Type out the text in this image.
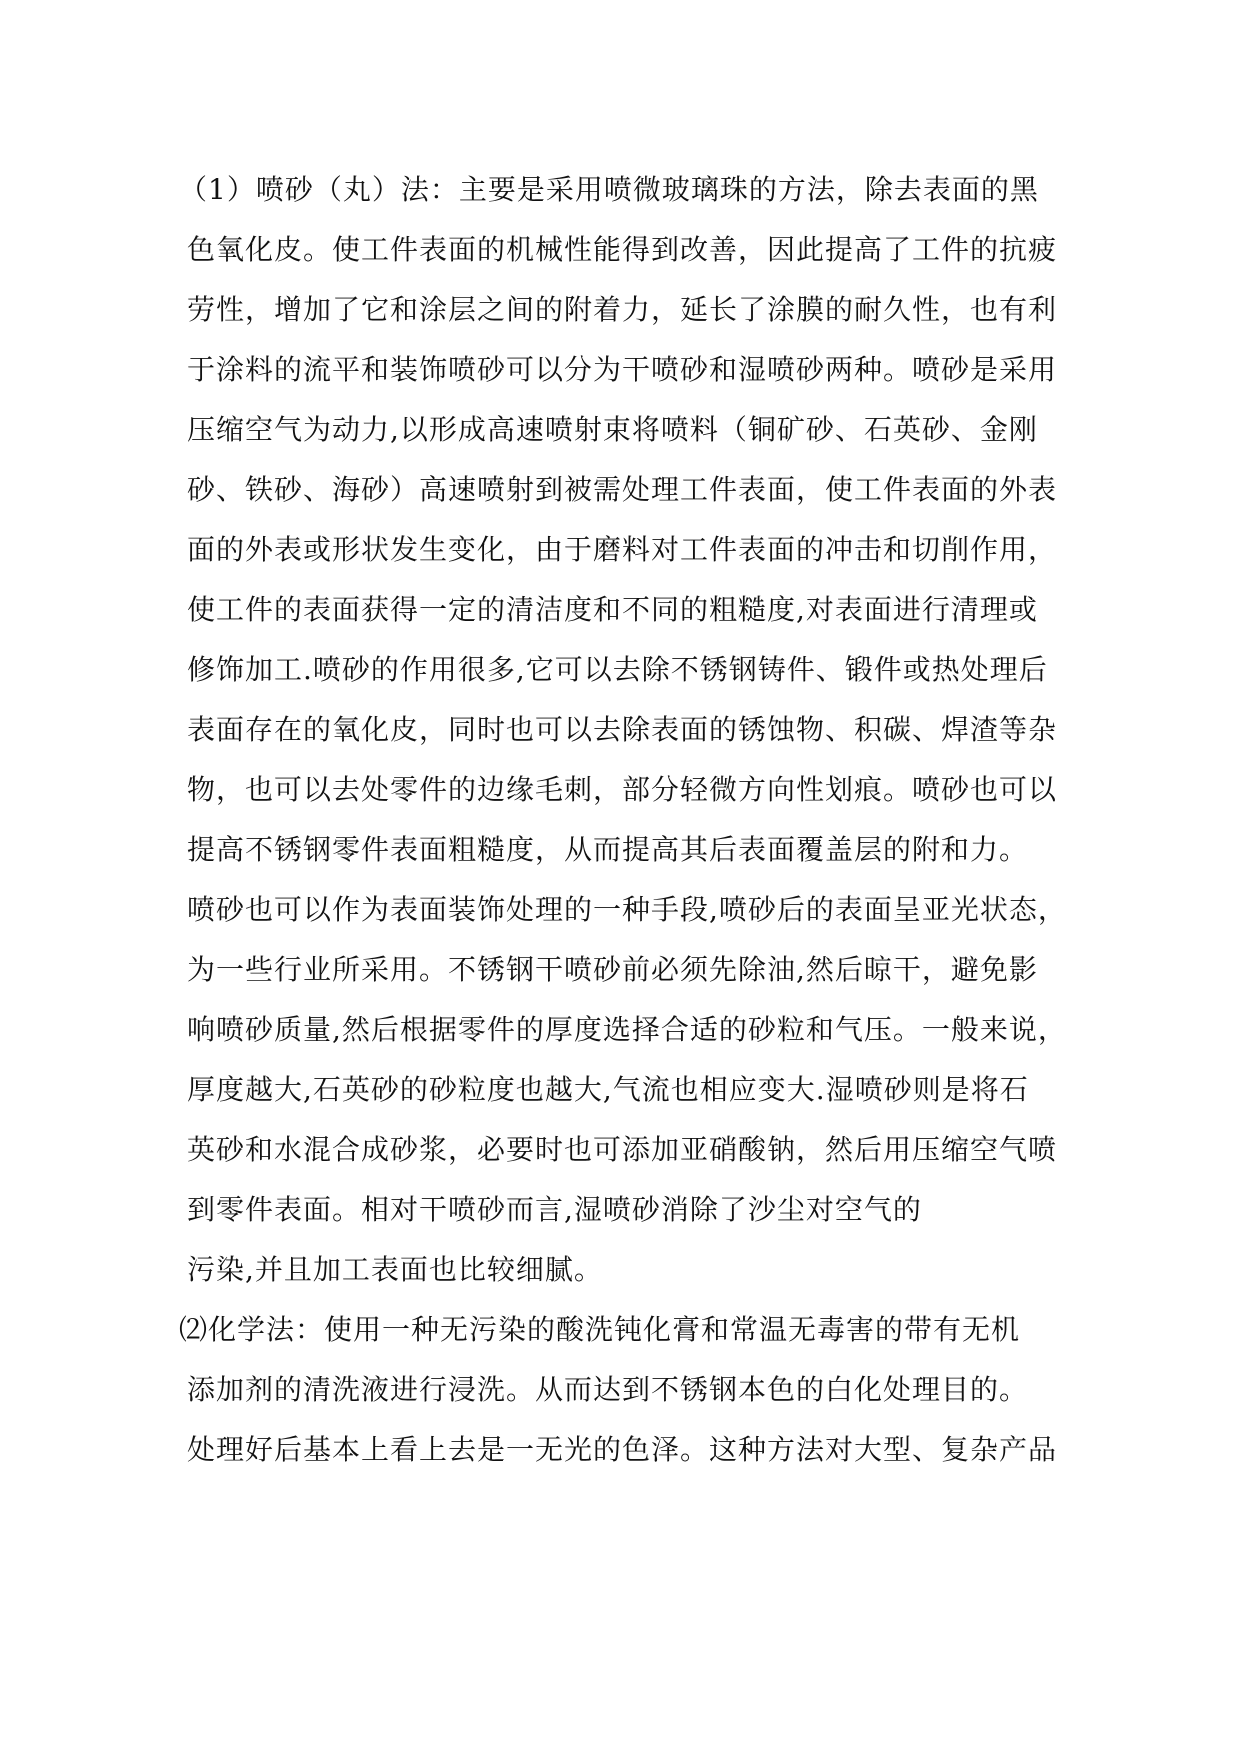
（1）喷砂（丸）法：主要是采用喷微玻璃珠的方法，除去表面的黑
色氧化皮。使工件表面的机械性能得到改善，因此提高了工件的抗疲
劳性，增加了它和涂层之间的附着力，延长了涂膜的耐久性，也有利
于涂料的流平和装饰喷砂可以分为干喷砂和湿喷砂两种。喷砂是采用
压缩空气为动力,以形成高速喷射束将喷料（铜矿砂、石英砂、金刚
砂、铁砂、海砂）高速喷射到被需处理工件表面，使工件表面的外表
面的外表或形状发生变化，由于磨料对工件表面的冲击和切削作用，
使工件的表面获得一定的清洁度和不同的粗糙度,对表面进行清理或
修饰加工.喷砂的作用很多,它可以去除不锈钢铸件、锻件或热处理后
表面存在的氧化皮，同时也可以去除表面的锈蚀物、积碳、焊渣等杂
物，也可以去处零件的边缘毛刺，部分轻微方向性划痕。喷砂也可以
提高不锈钢零件表面粗糙度，从而提高其后表面覆盖层的附和力。
喷砂也可以作为表面装饰处理的一种手段,喷砂后的表面呈亚光状态，
为一些行业所采用。不锈钢干喷砂前必须先除油,然后晾干，避免影
响喷砂质量,然后根据零件的厚度选择合适的砂粒和气压。一般来说，
厚度越大,石英砂的砂粒度也越大,气流也相应变大.湿喷砂则是将石
英砂和水混合成砂浆，必要时也可添加亚硝酸钠，然后用压缩空气喷
到零件表面。相对干喷砂而言,湿喷砂消除了沙尘对空气的
污染,并且加工表面也比较细腻。
⑵化学法：使用一种无污染的酸洗钝化膏和常温无毒害的带有无机
添加剂的清洗液进行浸洗。从而达到不锈钢本色的白化处理目的。
处理好后基本上看上去是一无光的色泽。这种方法对大型、复杂产品
